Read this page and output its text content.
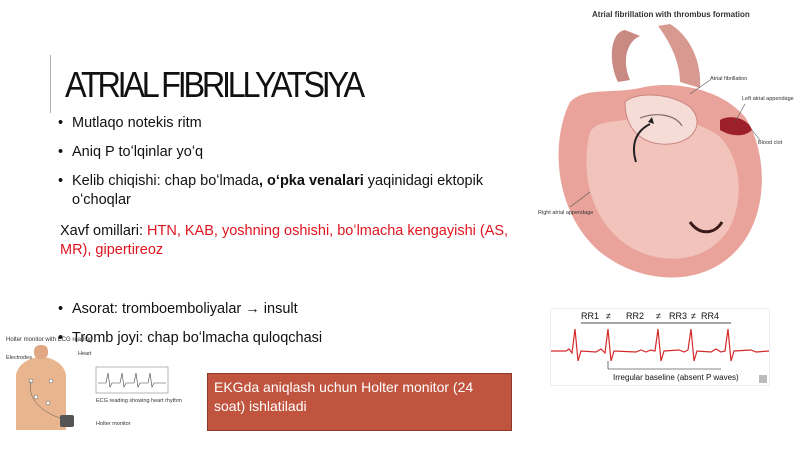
ATRIAL FIBRILLYATSIYA
• Mutlaqo notekis ritm
• Aniq P toʻlqinlar yoʻq
• Kelib chiqishi: chap boʻlmada, oʻpka venalari yaqinidagi ektopik oʻchoqlar
Xavf omillari: HTN, KAB, yoshning oshishi, boʻlmacha kengayishi (AS, MR), gipertireoz
• Asorat: tromboemboliyalar → insult
• Tromb joyi: chap boʻlmacha quloqchasi
EKGda aniqlash uchun Holter monitor (24 soat) ishlatiladi
Atrial fibrillation with thrombus formation
Atrial fibrillation
Left atrial appendage
Blood clot
Right atrial appendage
RR1 ≠ RR2 ≠ RR3 ≠ RR4
Irregular baseline (absent P waves)
Holter monitor with ECG reading
Electrodes
Heart
ECG reading showing heart rhythm
Holter monitor
